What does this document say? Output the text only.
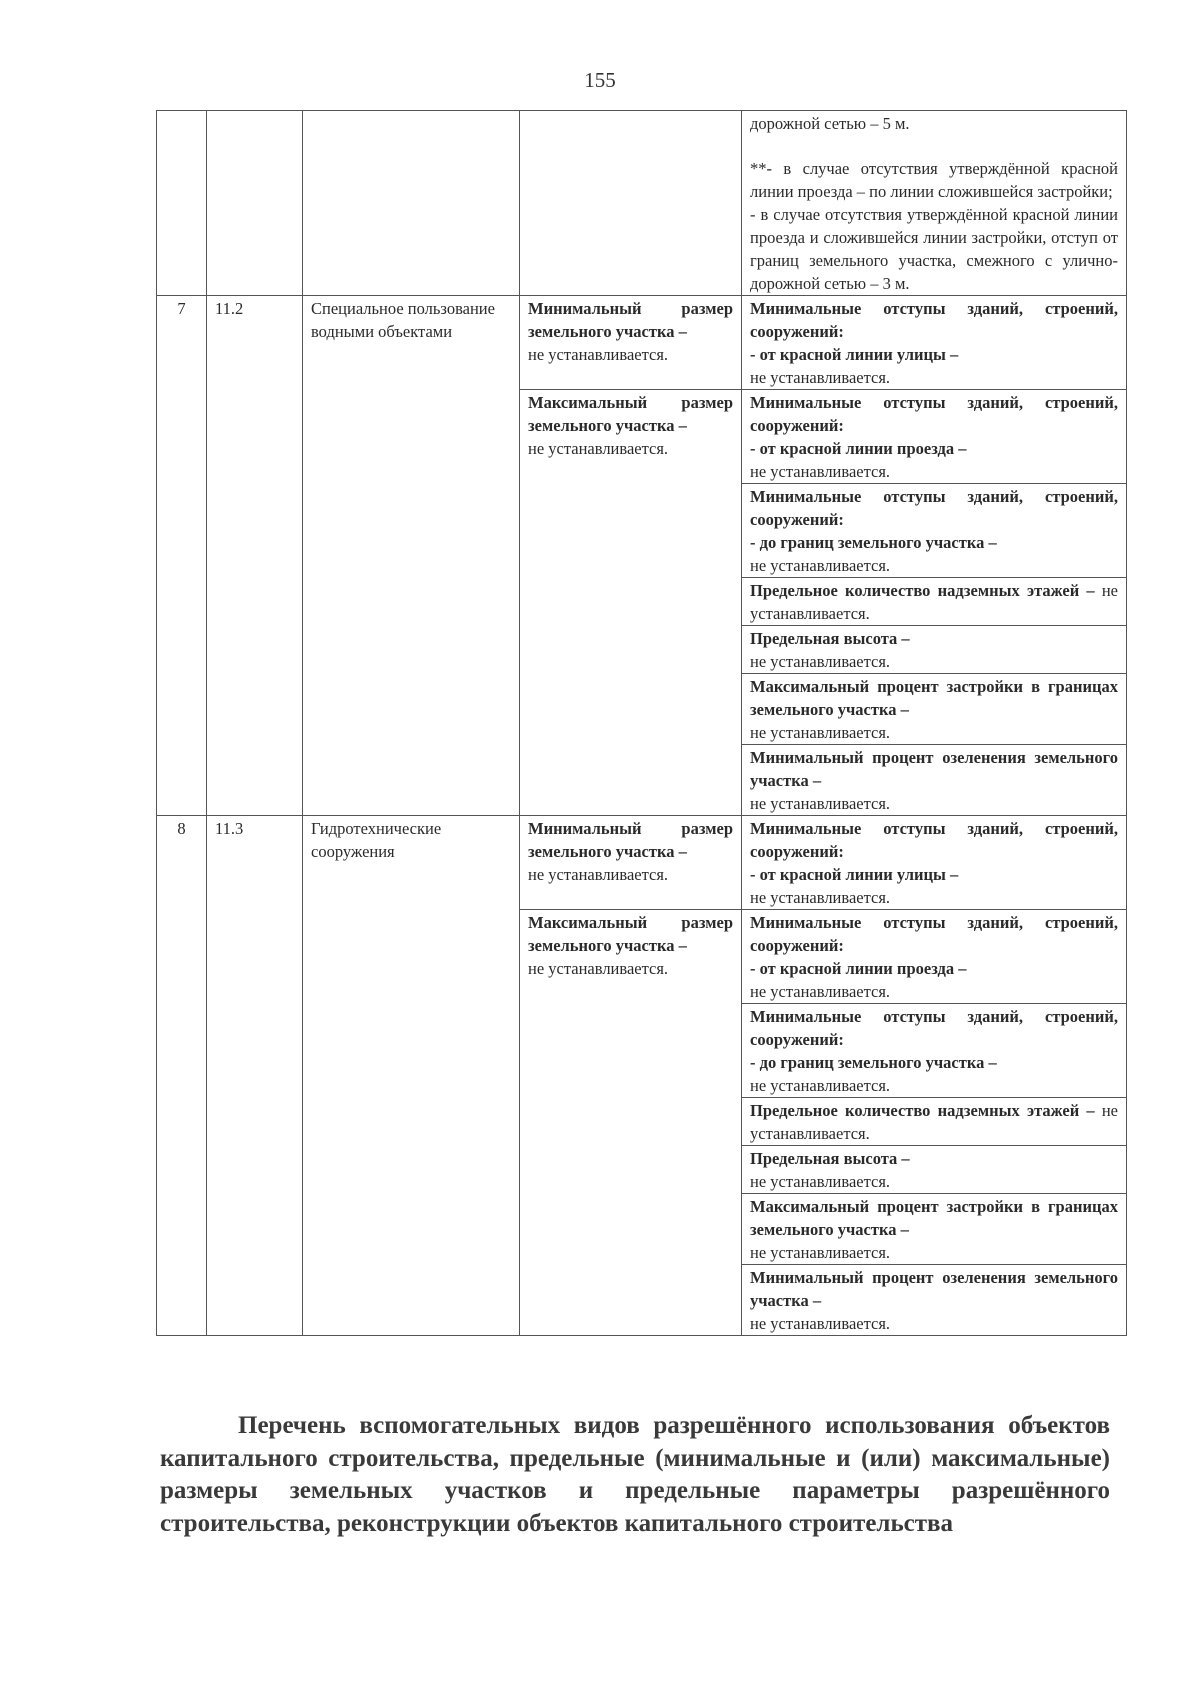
155

				дорожной сетью – 5 м.
**- в случае отсутствия утверждённой красной линии проезда – по линии сложившейся застройки;
- в случае отсутствия утверждённой красной линии проезда и сложившейся линии застройки, отступ от границ земельного участка, смежного с улично-дорожной сетью – 3 м.

7	11.2	Специальное пользование водными объектами	Минимальный размер земельного участка –
не устанавливается.	Минимальные отступы зданий, строений, сооружений:
- от красной линии улицы –
не устанавливается.
			Максимальный размер земельного участка –
не устанавливается.	Минимальные отступы зданий, строений, сооружений:
- от красной линии проезда –
не устанавливается.
				Минимальные отступы зданий, строений, сооружений:
- до границ земельного участка –
не устанавливается.
				Предельное количество надземных этажей – не устанавливается.
				Предельная высота –
не устанавливается.
				Максимальный процент застройки в границах земельного участка –
не устанавливается.
				Минимальный процент озеленения земельного участка –
не устанавливается.
8	11.3	Гидротехнические сооружения	Минимальный размер земельного участка –
не устанавливается.	Минимальные отступы зданий, строений, сооружений:
- от красной линии улицы –
не устанавливается.
			Максимальный размер земельного участка –
не устанавливается.	Минимальные отступы зданий, строений, сооружений:
- от красной линии проезда –
не устанавливается.
				Минимальные отступы зданий, строений, сооружений:
- до границ земельного участка –
не устанавливается.
				Предельное количество надземных этажей – не устанавливается.
				Предельная высота –
не устанавливается.
				Максимальный процент застройки в границах земельного участка –
не устанавливается.
				Минимальный процент озеленения земельного участка –
не устанавливается.
Перечень вспомогательных видов разрешённого использования объектов капитального строительства, предельные (минимальные и (или) максимальные) размеры земельных участков и предельные параметры разрешённого строительства, реконструкции объектов капитального строительства
